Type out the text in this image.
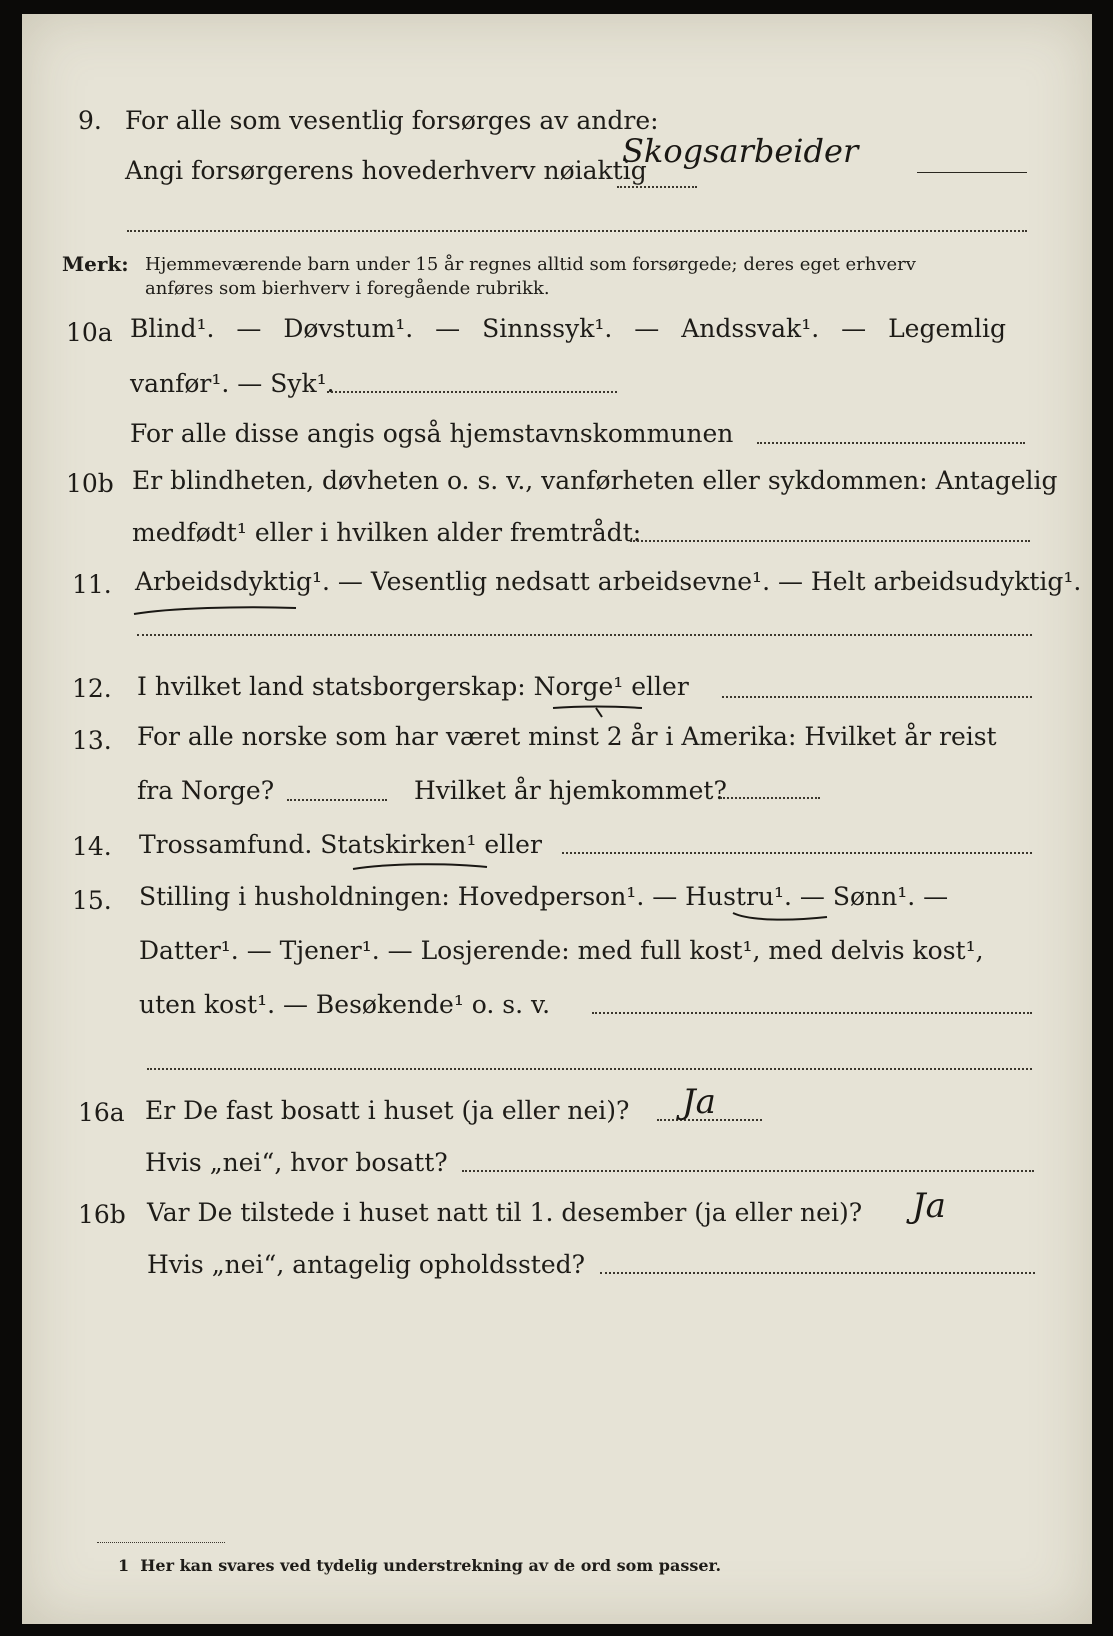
9. For alle som vesentlig forsørges av andre:
Angi forsørgerens hovederhverv nøiaktig
Skogsarbeider
Merk: Hjemmeværende barn under 15 år regnes alltid som forsørgede; deres eget erhverv
anføres som bierhverv i foregående rubrikk.
10a Blind¹. — Døvstum¹. — Sinnssyk¹. — Andssvak¹. — Legemlig
vanfør¹. — Syk¹.
For alle disse angis også hjemstavnskommunen
10b Er blindheten, døvheten o. s. v., vanførheten eller sykdommen: Antagelig
medfødt¹ eller i hvilken alder fremtrådt:
11. Arbeidsdyktig¹. — Vesentlig nedsatt arbeidsevne¹. — Helt arbeidsudyktig¹.
12. I hvilket land statsborgerskap: Norge¹ eller
13. For alle norske som har været minst 2 år i Amerika: Hvilket år reist
fra Norge?	Hvilket år hjemkommet?
14. Trossamfund. Statskirken¹ eller
15. Stilling i husholdningen: Hovedperson¹. — Hustru¹. — Sønn¹. —
Datter¹. — Tjener¹. — Losjerende: med full kost¹, med delvis kost¹,
uten kost¹. — Besøkende¹ o. s. v.
16a Er De fast bosatt i huset (ja eller nei)? Ja
Hvis „nei“, hvor bosatt?
16b Var De tilstede i huset natt til 1. desember (ja eller nei)? Ja
Hvis „nei“, antagelig opholdssted?
1 Her kan svares ved tydelig understrekning av de ord som passer.
